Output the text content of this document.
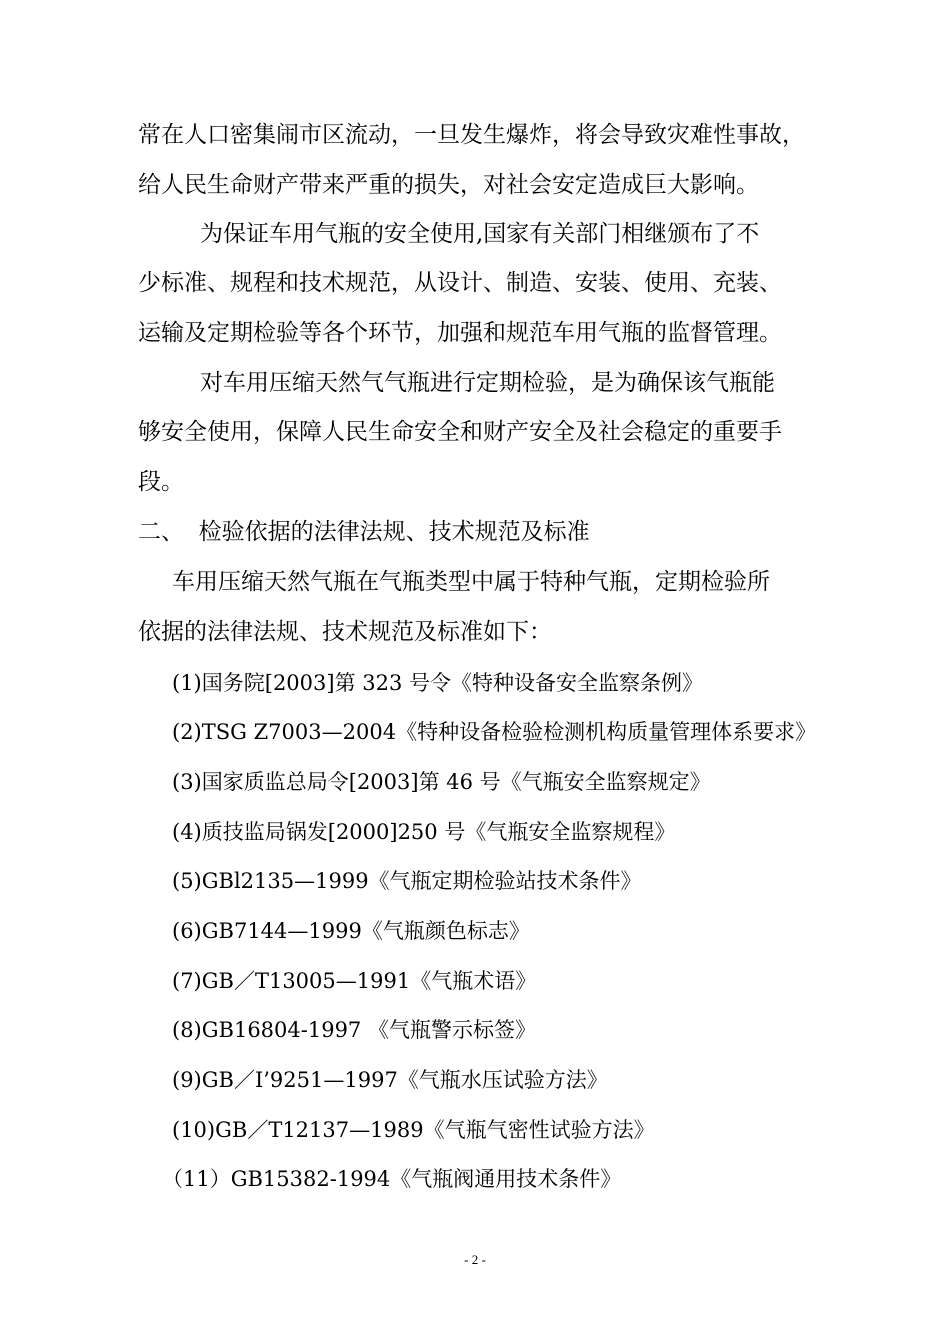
常在人口密集闹市区流动，一旦发生爆炸，将会导致灾难性事故，
给人民生命财产带来严重的损失，对社会安定造成巨大影响。
为保证车用气瓶的安全使用,国家有关部门相继颁布了不
少标准、规程和技术规范，从设计、制造、安装、使用、充装、
运输及定期检验等各个环节，加强和规范车用气瓶的监督管理。
对车用压缩天然气气瓶进行定期检验，是为确保该气瓶能
够安全使用，保障人民生命安全和财产安全及社会稳定的重要手
段。
二、  检验依据的法律法规、技术规范及标准
车用压缩天然气瓶在气瓶类型中属于特种气瓶，定期检验所
依据的法律法规、技术规范及标准如下：
(1)国务院[2003]第 323 号令《特种设备安全监察条例》
(2)TSG Z7003—2004《特种设备检验检测机构质量管理体系要求》
(3)国家质监总局令[2003]第 46 号《气瓶安全监察规定》
(4)质技监局锅发[2000]250 号《气瓶安全监察规程》
(5)GBl2135—1999《气瓶定期检验站技术条件》
(6)GB7144—1999《气瓶颜色标志》
(7)GB／T13005—1991《气瓶术语》
(8)GB16804-1997 《气瓶警示标签》
(9)GB／I’9251—1997《气瓶水压试验方法》
(10)GB／T12137—1989《气瓶气密性试验方法》
（11）GB15382-1994《气瓶阀通用技术条件》
- 2 -
